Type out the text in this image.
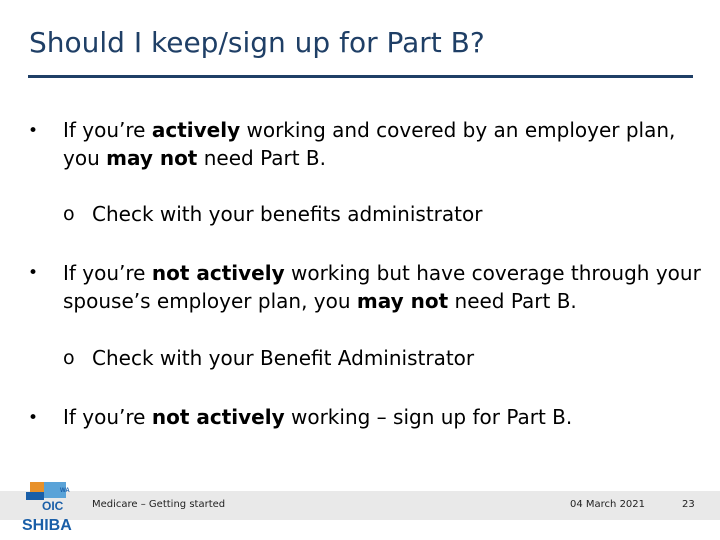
Should I keep/sign up for Part B?
• If you’re actively working and covered by an employer plan, you may not need Part B.
o Check with your benefits administrator
• If you’re not actively working but have coverage through your spouse’s employer plan, you may not need Part B.
o Check with your Benefit Administrator
• If you’re not actively working – sign up for Part B.
Medicare – Getting started	04 March 2021	23
WA
OIC
SHIBA
